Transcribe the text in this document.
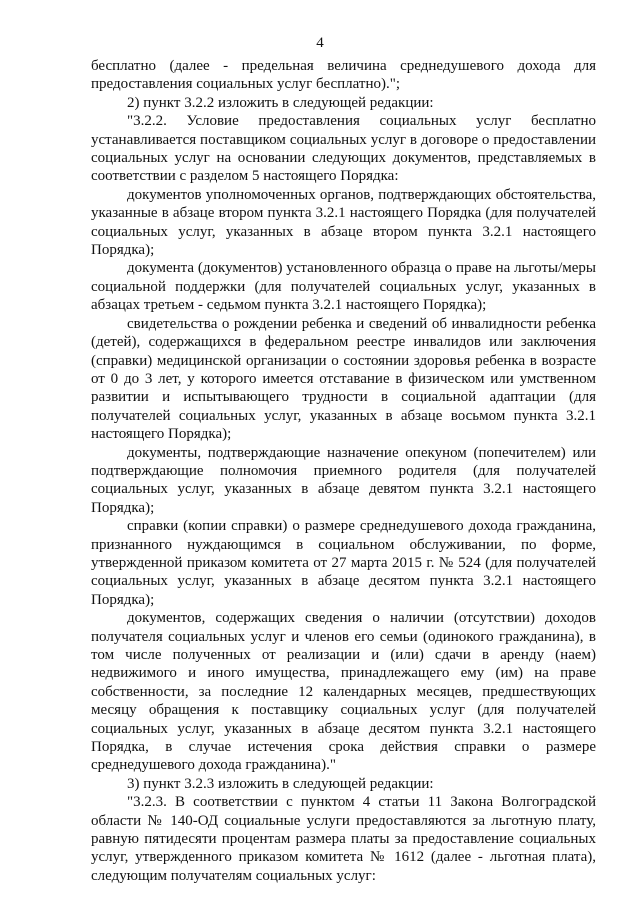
4

бесплатно (далее - предельная величина среднедушевого дохода для предоставления социальных услуг бесплатно).";

2) пункт 3.2.2 изложить в следующей редакции:

"3.2.2. Условие предоставления социальных услуг бесплатно устанавливается поставщиком социальных услуг в договоре о предоставлении социальных услуг на основании следующих документов, представляемых в соответствии с разделом 5 настоящего Порядка:

документов уполномоченных органов, подтверждающих обстоятельства, указанные в абзаце втором пункта 3.2.1 настоящего Порядка (для получателей социальных услуг, указанных в абзаце втором пункта 3.2.1 настоящего Порядка);

документа (документов) установленного образца о праве на льготы/меры социальной поддержки (для получателей социальных услуг, указанных в абзацах третьем - седьмом пункта 3.2.1 настоящего Порядка);

свидетельства о рождении ребенка и сведений об инвалидности ребенка (детей), содержащихся в федеральном реестре инвалидов или заключения (справки) медицинской организации о состоянии здоровья ребенка в возрасте от 0 до 3 лет, у которого имеется отставание в физическом или умственном развитии и испытывающего трудности в социальной адаптации (для получателей социальных услуг, указанных в абзаце восьмом пункта 3.2.1 настоящего Порядка);

документы, подтверждающие назначение опекуном (попечителем) или подтверждающие полномочия приемного родителя (для получателей социальных услуг, указанных в абзаце девятом пункта 3.2.1 настоящего Порядка);

справки (копии справки) о размере среднедушевого дохода гражданина, признанного нуждающимся в социальном обслуживании, по форме, утвержденной приказом комитета от 27 марта 2015 г. № 524 (для получателей социальных услуг, указанных в абзаце десятом пункта 3.2.1 настоящего Порядка);

документов, содержащих сведения о наличии (отсутствии) доходов получателя социальных услуг и членов его семьи (одинокого гражданина), в том числе полученных от реализации и (или) сдачи в аренду (наем) недвижимого и иного имущества, принадлежащего ему (им) на праве собственности, за последние 12 календарных месяцев, предшествующих месяцу обращения к поставщику социальных услуг (для получателей социальных услуг, указанных в абзаце десятом пункта 3.2.1 настоящего Порядка, в случае истечения срока действия справки о размере среднедушевого дохода гражданина)."

3) пункт 3.2.3 изложить в следующей редакции:

"3.2.3. В соответствии с пунктом 4 статьи 11 Закона Волгоградской области № 140-ОД социальные услуги предоставляются за льготную плату, равную пятидесяти процентам размера платы за предоставление социальных услуг, утвержденного приказом комитета № 1612 (далее - льготная плата), следующим получателям социальных услуг:
